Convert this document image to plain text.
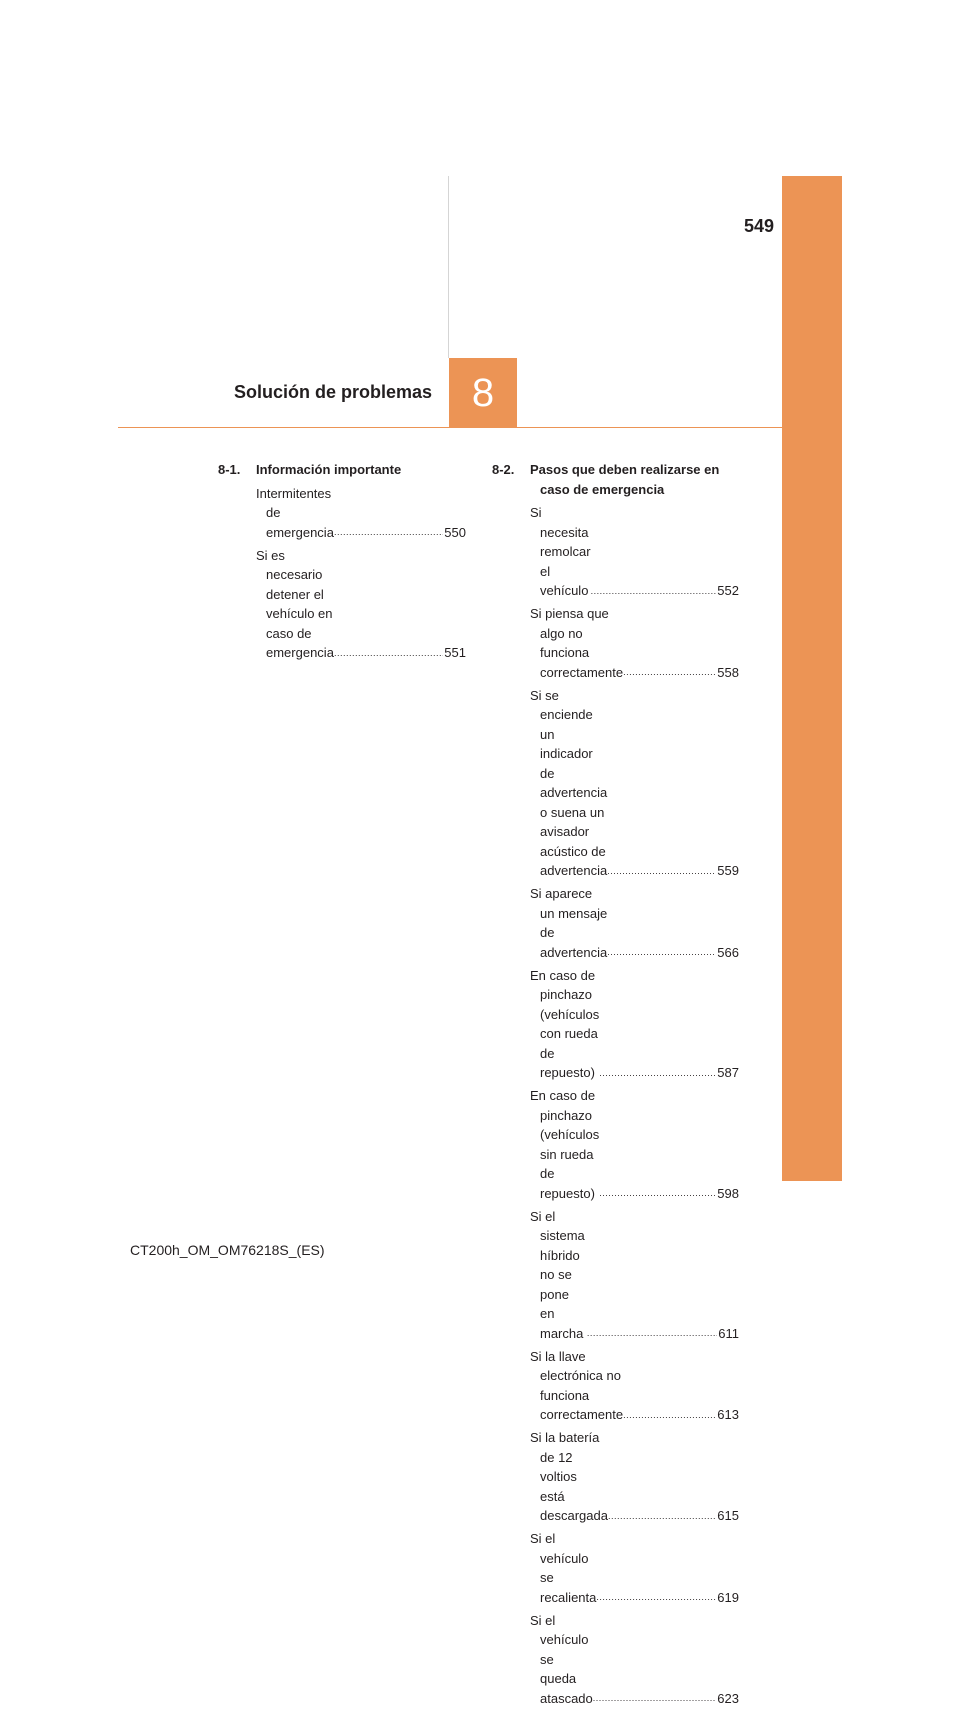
549
Solución de problemas 8
8-1. Información importante
Intermitentes de
emergencia .....	550
Si es necesario detener el
vehículo en caso de
emergencia .....	551
8-2. Pasos que deben realizarse en
caso de emergencia
Si necesita remolcar el
vehículo .....	552
Si piensa que algo no funciona
correctamente .....	558
Si se enciende un indicador
de advertencia o suena un
avisador acústico de
advertencia .....	559
Si aparece un mensaje de
advertencia .....	566
En caso de pinchazo
(vehículos con rueda de
repuesto) .....	587
En caso de pinchazo
(vehículos sin rueda de
repuesto) .....	598
Si el sistema híbrido no se
pone en marcha .....	611
Si la llave electrónica no
funciona correctamente .....	613
Si la batería de 12 voltios
está descargada .....	615
Si el vehículo se recalienta .....	619
Si el vehículo se queda
atascado .....	623
CT200h_OM_OM76218S_(ES)
